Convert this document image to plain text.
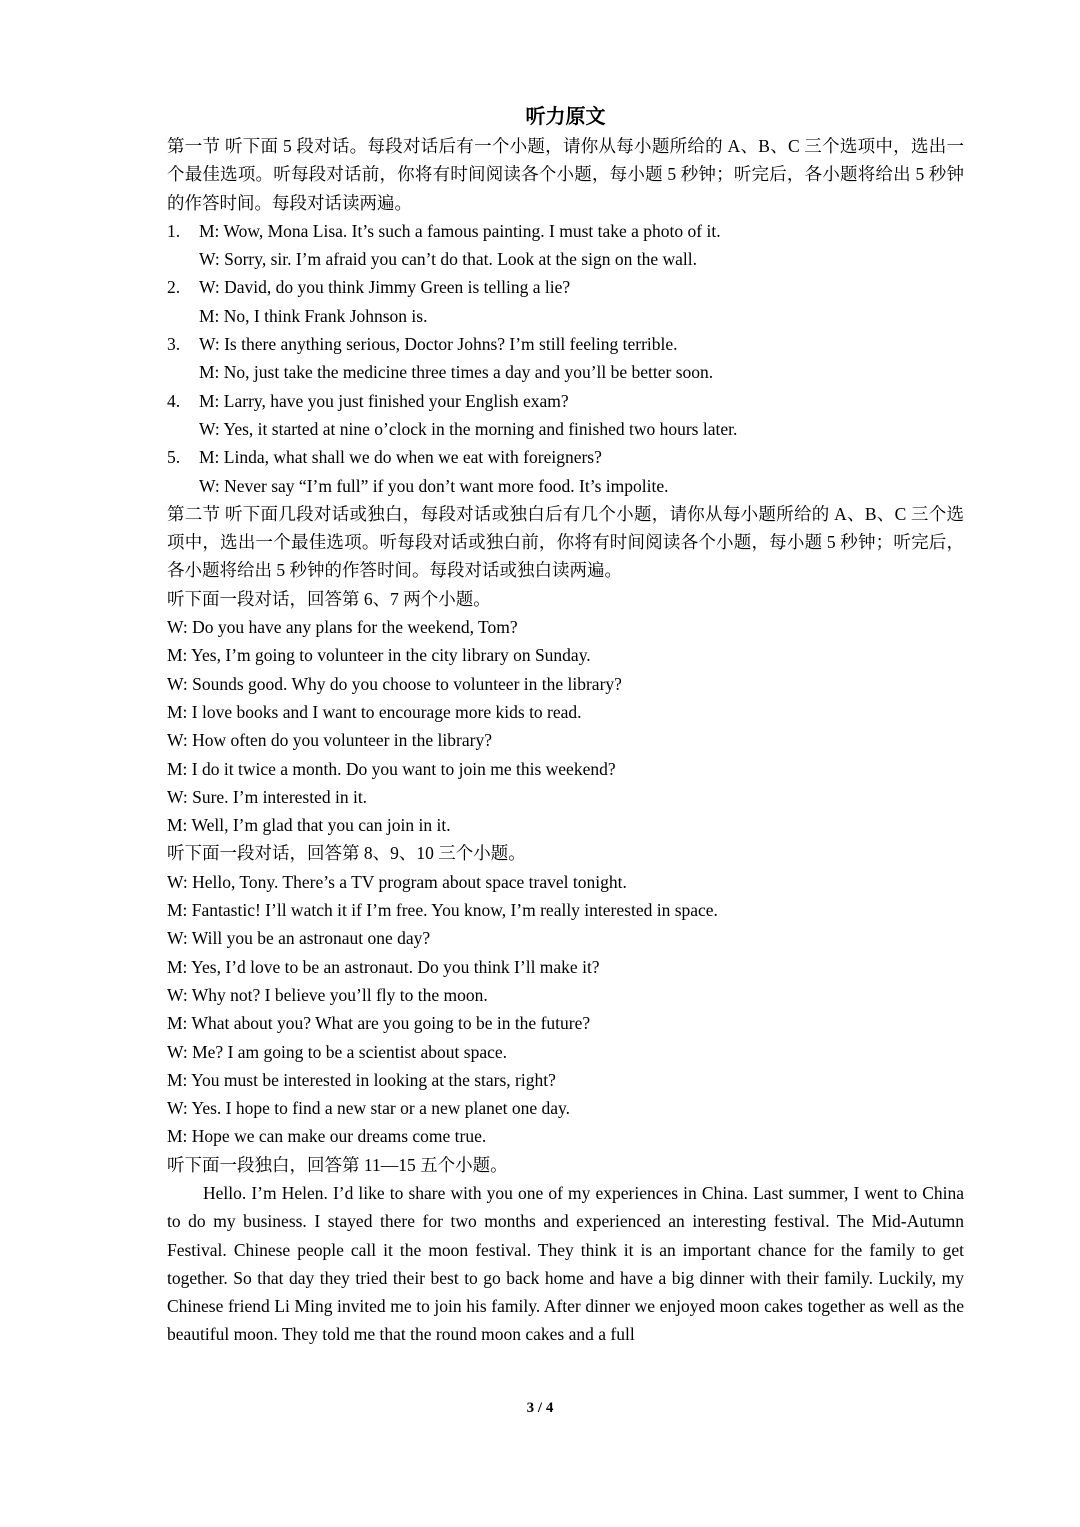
听力原文
第一节 听下面 5 段对话。每段对话后有一个小题，请你从每小题所给的 A、B、C 三个选项中，选出一个最佳选项。听每段对话前，你将有时间阅读各个小题，每小题 5 秒钟；听完后，各小题将给出 5 秒钟的作答时间。每段对话读两遍。
1. M: Wow, Mona Lisa. It’s such a famous painting. I must take a photo of it.
W: Sorry, sir. I’m afraid you can’t do that. Look at the sign on the wall.
2. W: David, do you think Jimmy Green is telling a lie?
M: No, I think Frank Johnson is.
3. W: Is there anything serious, Doctor Johns? I’m still feeling terrible.
M: No, just take the medicine three times a day and you’ll be better soon.
4. M: Larry, have you just finished your English exam?
W: Yes, it started at nine o’clock in the morning and finished two hours later.
5. M: Linda, what shall we do when we eat with foreigners?
W: Never say “I’m full” if you don’t want more food. It’s impolite.
第二节 听下面几段对话或独白，每段对话或独白后有几个小题，请你从每小题所给的 A、B、C 三个选项中，选出一个最佳选项。听每段对话或独白前，你将有时间阅读各个小题，每小题 5 秒钟；听完后，各小题将给出 5 秒钟的作答时间。每段对话或独白读两遍。
听下面一段对话，回答第 6、7 两个小题。
W: Do you have any plans for the weekend, Tom?
M: Yes, I’m going to volunteer in the city library on Sunday.
W: Sounds good. Why do you choose to volunteer in the library?
M: I love books and I want to encourage more kids to read.
W: How often do you volunteer in the library?
M: I do it twice a month. Do you want to join me this weekend?
W: Sure. I’m interested in it.
M: Well, I’m glad that you can join in it.
听下面一段对话，回答第 8、9、10 三个小题。
W: Hello, Tony. There’s a TV program about space travel tonight.
M: Fantastic! I’ll watch it if I’m free. You know, I’m really interested in space.
W: Will you be an astronaut one day?
M: Yes, I’d love to be an astronaut. Do you think I’ll make it?
W: Why not? I believe you’ll fly to the moon.
M: What about you? What are you going to be in the future?
W: Me? I am going to be a scientist about space.
M: You must be interested in looking at the stars, right?
W: Yes. I hope to find a new star or a new planet one day.
M: Hope we can make our dreams come true.
听下面一段独白，回答第 11—15 五个小题。
Hello. I’m Helen. I’d like to share with you one of my experiences in China. Last summer, I went to China to do my business. I stayed there for two months and experienced an interesting festival. The Mid-Autumn Festival. Chinese people call it the moon festival. They think it is an important chance for the family to get together. So that day they tried their best to go back home and have a big dinner with their family. Luckily, my Chinese friend Li Ming invited me to join his family. After dinner we enjoyed moon cakes together as well as the beautiful moon. They told me that the round moon cakes and a full
3 / 4
